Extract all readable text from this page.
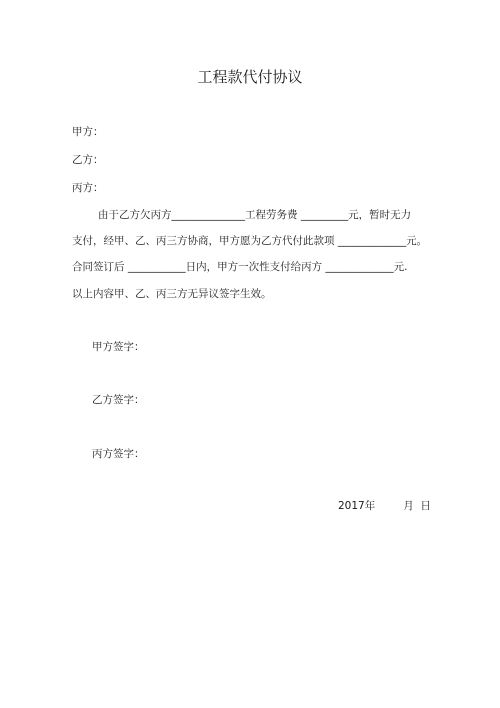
工程款代付协议
甲方：
乙方：
丙方：
由于乙方欠丙方______________工程劳务费 _________元，暂时无力
支付，经甲、乙、丙三方协商，甲方愿为乙方代付此款项 _____________元。
合同签订后 ___________日内，甲方一次性支付给丙方 _____________元.
以上内容甲、乙、丙三方无异议签字生效。
甲方签字：
乙方签字：
丙方签字：
2017年	月 日
